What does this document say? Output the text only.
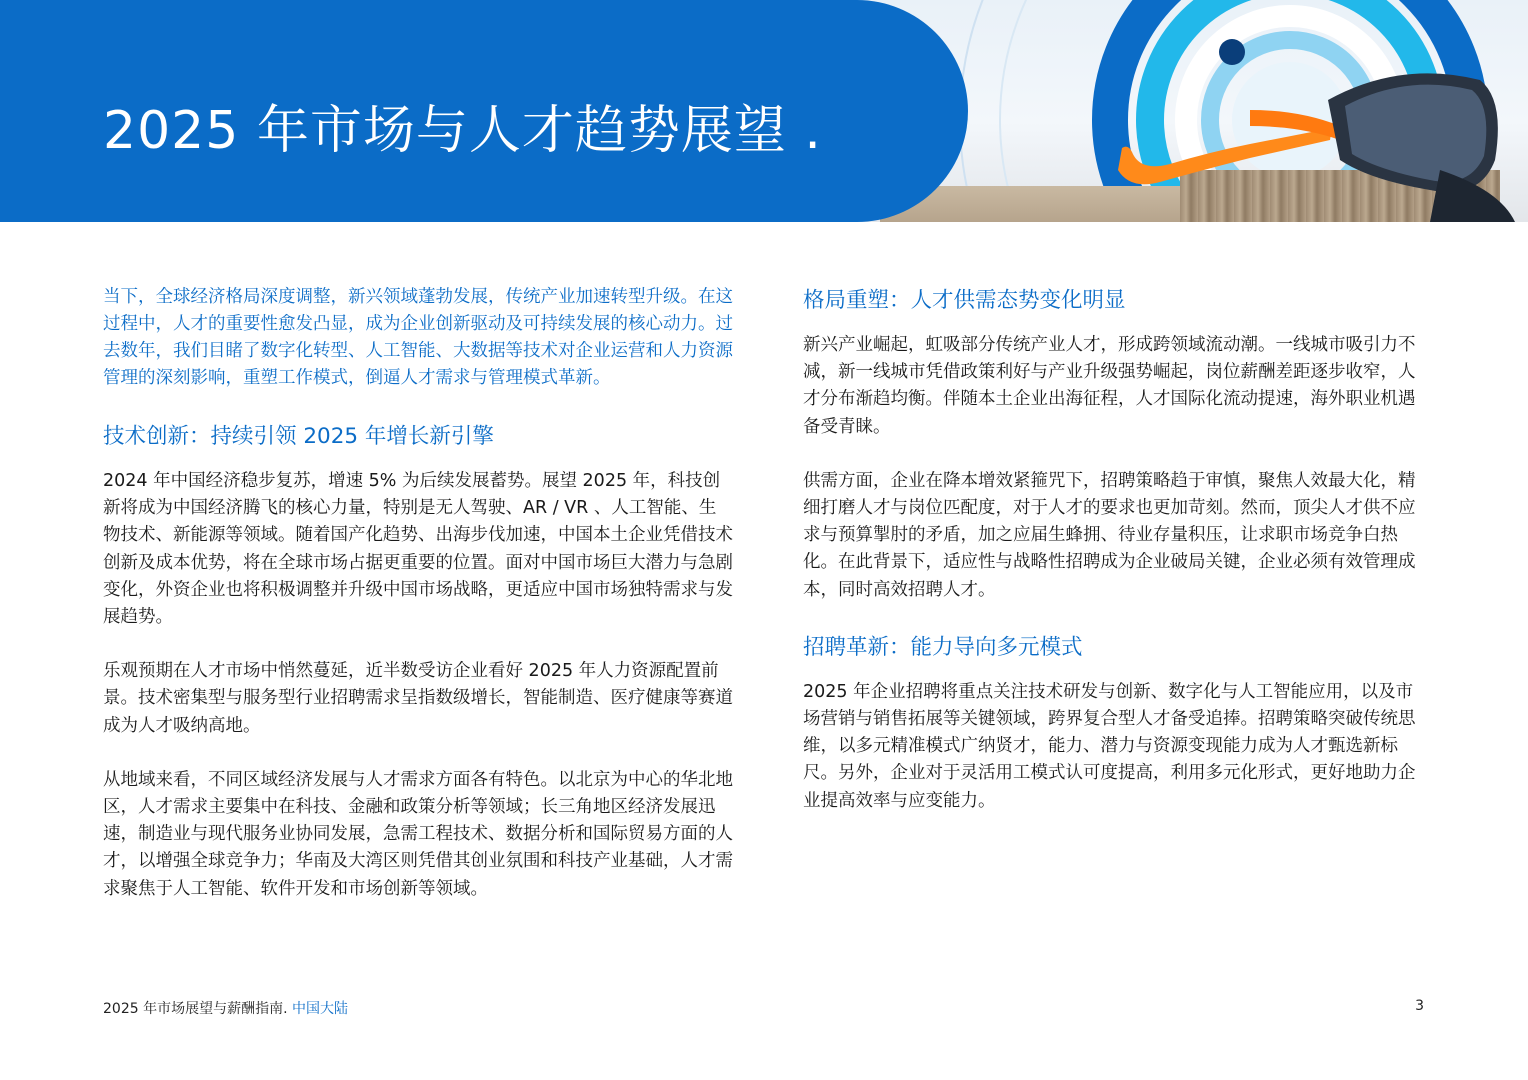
2025 年市场与人才趋势展望 .

当下，全球经济格局深度调整，新兴领域蓬勃发展，传统产业加速转型升级。在这过程中，人才的重要性愈发凸显，成为企业创新驱动及可持续发展的核心动力。过去数年，我们目睹了数字化转型、人工智能、大数据等技术对企业运营和人力资源管理的深刻影响，重塑工作模式，倒逼人才需求与管理模式革新。

技术创新：持续引领 2025 年增长新引擎

2024 年中国经济稳步复苏，增速 5% 为后续发展蓄势。展望 2025 年，科技创新将成为中国经济腾飞的核心力量，特别是无人驾驶、AR / VR 、人工智能、生物技术、新能源等领域。随着国产化趋势、出海步伐加速，中国本土企业凭借技术创新及成本优势，将在全球市场占据更重要的位置。面对中国市场巨大潜力与急剧变化，外资企业也将积极调整并升级中国市场战略，更适应中国市场独特需求与发展趋势。

乐观预期在人才市场中悄然蔓延，近半数受访企业看好 2025 年人力资源配置前景。技术密集型与服务型行业招聘需求呈指数级增长，智能制造、医疗健康等赛道成为人才吸纳高地。

从地域来看，不同区域经济发展与人才需求方面各有特色。以北京为中心的华北地区，人才需求主要集中在科技、金融和政策分析等领域；长三角地区经济发展迅速，制造业与现代服务业协同发展，急需工程技术、数据分析和国际贸易方面的人才，以增强全球竞争力；华南及大湾区则凭借其创业氛围和科技产业基础，人才需求聚焦于人工智能、软件开发和市场创新等领域。

格局重塑：人才供需态势变化明显

新兴产业崛起，虹吸部分传统产业人才，形成跨领域流动潮。一线城市吸引力不减，新一线城市凭借政策利好与产业升级强势崛起，岗位薪酬差距逐步收窄，人才分布渐趋均衡。伴随本土企业出海征程，人才国际化流动提速，海外职业机遇备受青睐。

供需方面，企业在降本增效紧箍咒下，招聘策略趋于审慎，聚焦人效最大化，精细打磨人才与岗位匹配度，对于人才的要求也更加苛刻。然而，顶尖人才供不应求与预算掣肘的矛盾，加之应届生蜂拥、待业存量积压，让求职市场竞争白热化。在此背景下，适应性与战略性招聘成为企业破局关键，企业必须有效管理成本，同时高效招聘人才。

招聘革新：能力导向多元模式

2025 年企业招聘将重点关注技术研发与创新、数字化与人工智能应用，以及市场营销与销售拓展等关键领域，跨界复合型人才备受追捧。招聘策略突破传统思维，以多元精准模式广纳贤才，能力、潜力与资源变现能力成为人才甄选新标尺。另外，企业对于灵活用工模式认可度提高，利用多元化形式，更好地助力企业提高效率与应变能力。

2025 年市场展望与薪酬指南. 中国大陆	3
